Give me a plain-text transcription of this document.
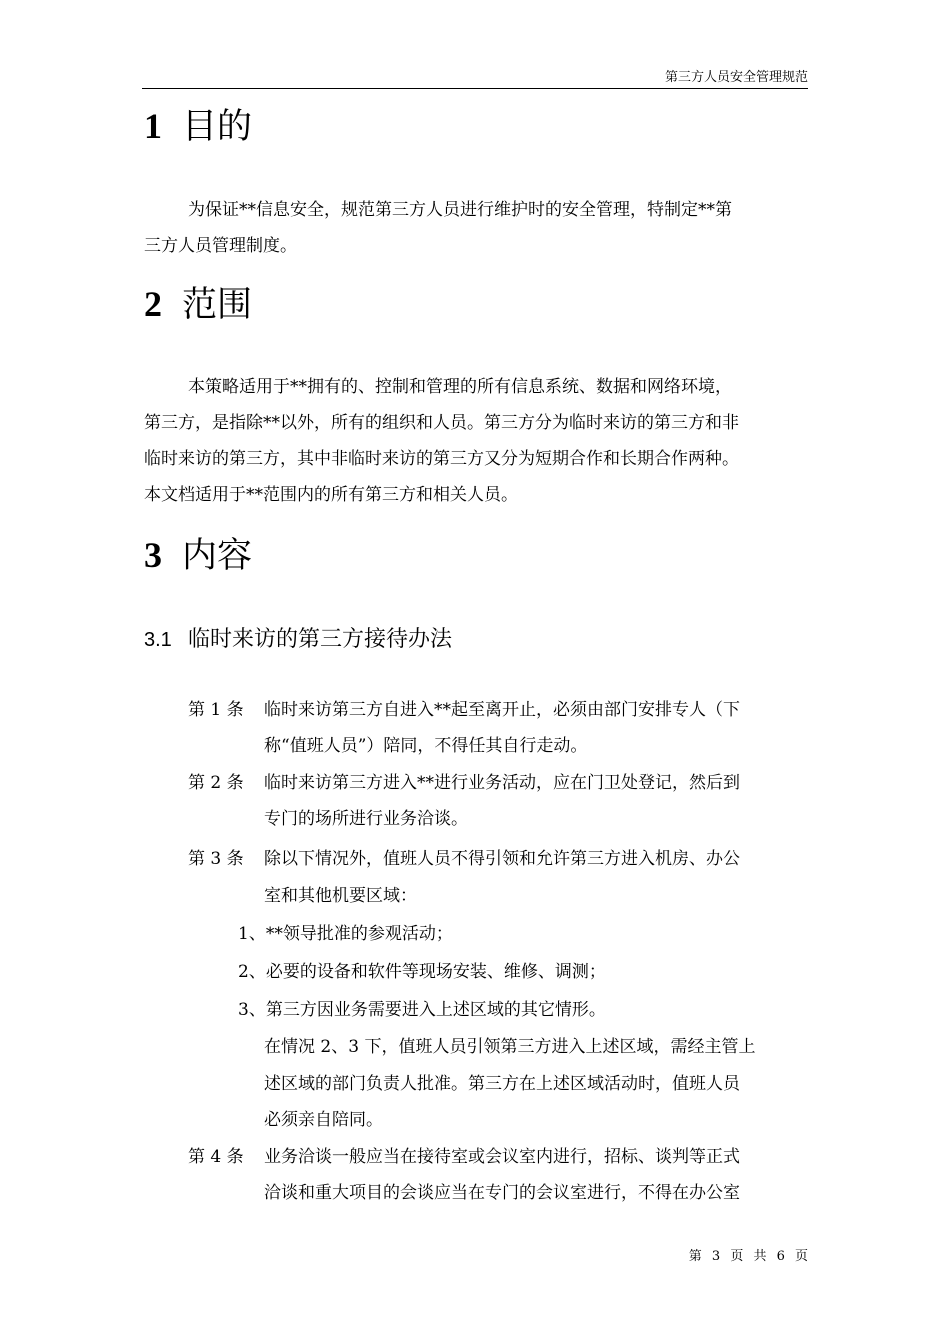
第三方人员安全管理规范
1 目的
为保证**信息安全，规范第三方人员进行维护时的安全管理，特制定**第
三方人员管理制度。
2 范围
本策略适用于**拥有的、控制和管理的所有信息系统、数据和网络环境，
第三方，是指除**以外，所有的组织和人员。第三方分为临时来访的第三方和非
临时来访的第三方，其中非临时来访的第三方又分为短期合作和长期合作两种。
本文档适用于**范围内的所有第三方和相关人员。
3 内容
3.1 临时来访的第三方接待办法
第 1 条 临时来访第三方自进入**起至离开止，必须由部门安排专人（下
称“值班人员”）陪同，不得任其自行走动。
第 2 条 临时来访第三方进入**进行业务活动，应在门卫处登记，然后到
专门的场所进行业务洽谈。
第 3 条 除以下情况外，值班人员不得引领和允许第三方进入机房、办公
室和其他机要区域：
1、**领导批准的参观活动；
2、必要的设备和软件等现场安装、维修、调测；
3、第三方因业务需要进入上述区域的其它情形。
在情况 2、3 下，值班人员引领第三方进入上述区域，需经主管上
述区域的部门负责人批准。第三方在上述区域活动时，值班人员
必须亲自陪同。
第 4 条 业务洽谈一般应当在接待室或会议室内进行，招标、谈判等正式
洽谈和重大项目的会谈应当在专门的会议室进行，不得在办公室
第 3 页 共 6 页
